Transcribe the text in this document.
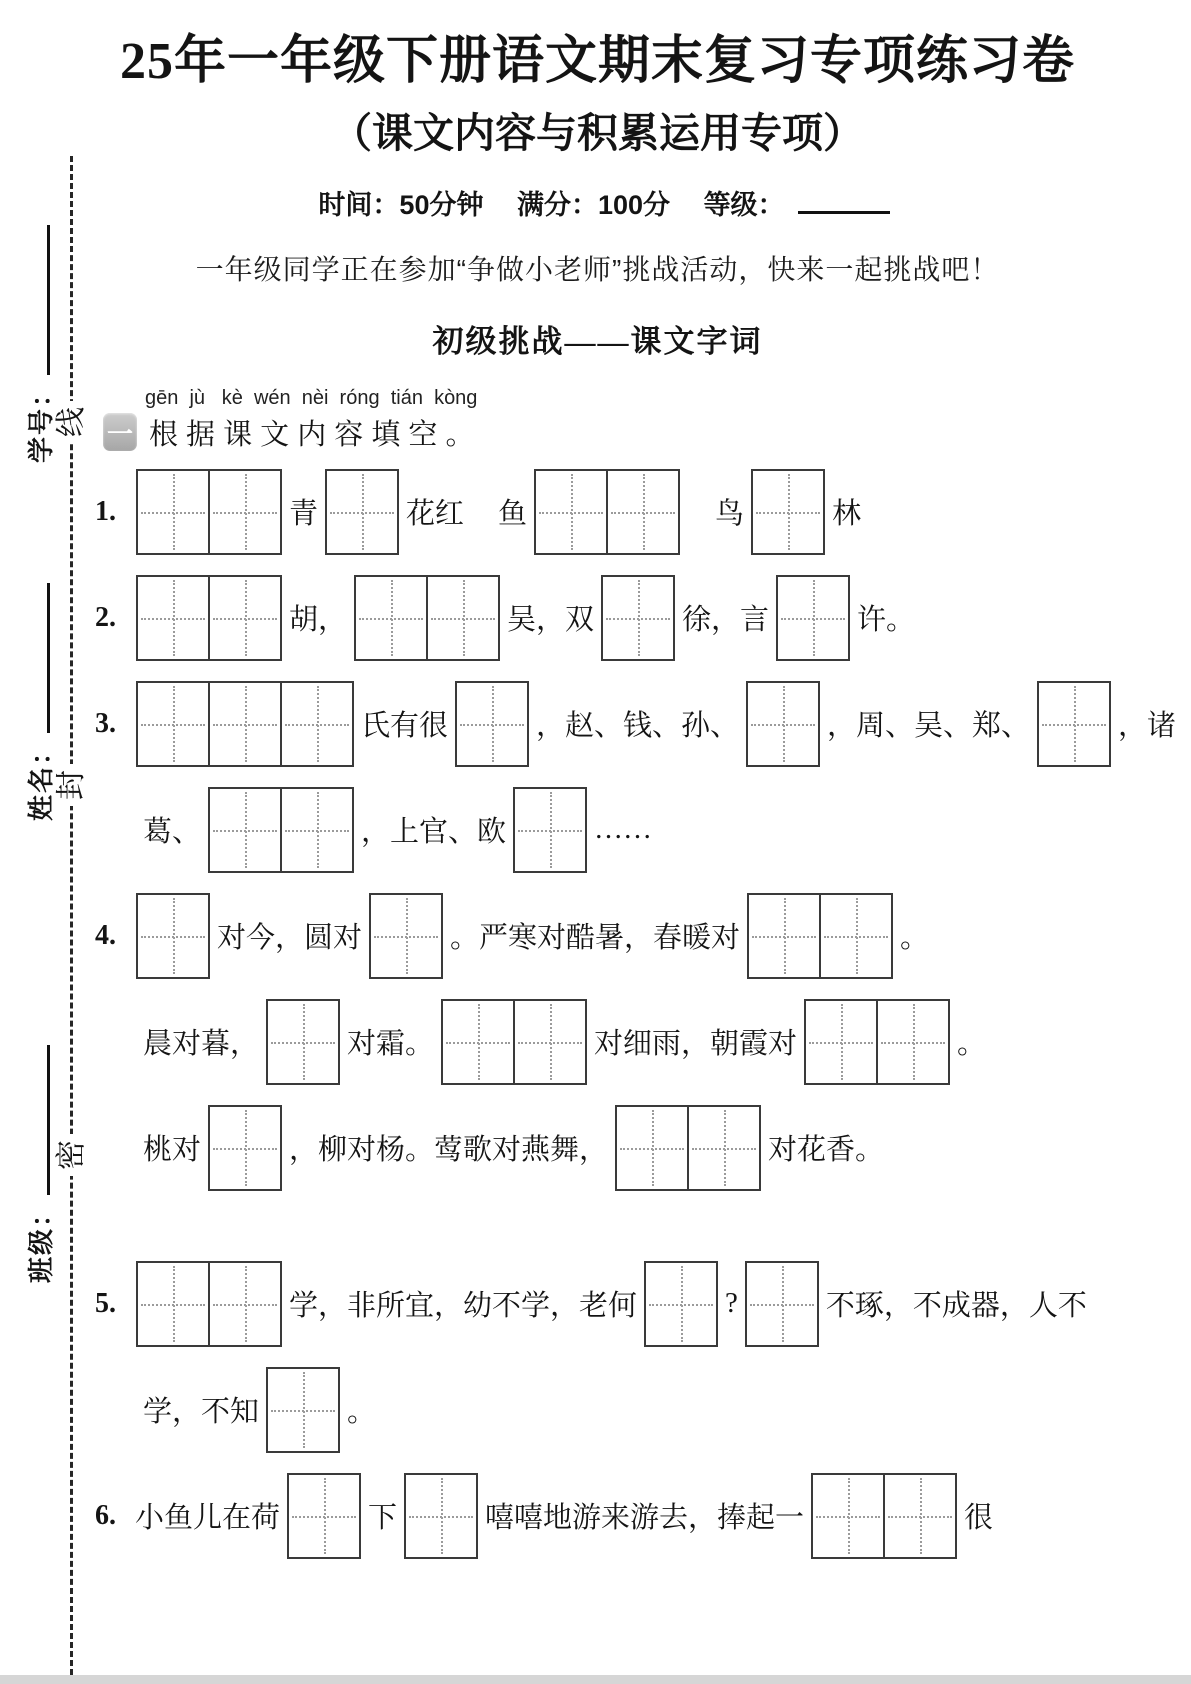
线
封
密
学号：
姓名：
班级：
25年一年级下册语文期末复习专项练习卷
（课文内容与积累运用专项）
时间：50分钟 满分：100分 等级：
一年级同学正在参加“争做小老师”挑战活动，快来一起挑战吧！
初级挑战——课文字词
gēn  jù   kè  wén  nèi  róng  tián  kòng
一 根 据 课 文 内 容 填 空 。
1.	青	花红 鱼	鸟	林
2.	胡，	吴，双	徐，言	许。
3.	氏有很	，赵、钱、孙、	，周、吴、郑、	，诸
葛、	，上官、欧	……
4.	对今，圆对	。严寒对酷暑，春暖对	。
晨对暮，	对霜。	对细雨，朝霞对	。
桃对	，柳对杨。莺歌对燕舞，	对花香。
5.	学，非所宜，幼不学，老何	?	不琢，不成器，人不
学，不知	。
6. 小鱼儿在荷	下	嘻嘻地游来游去，捧起一	很
